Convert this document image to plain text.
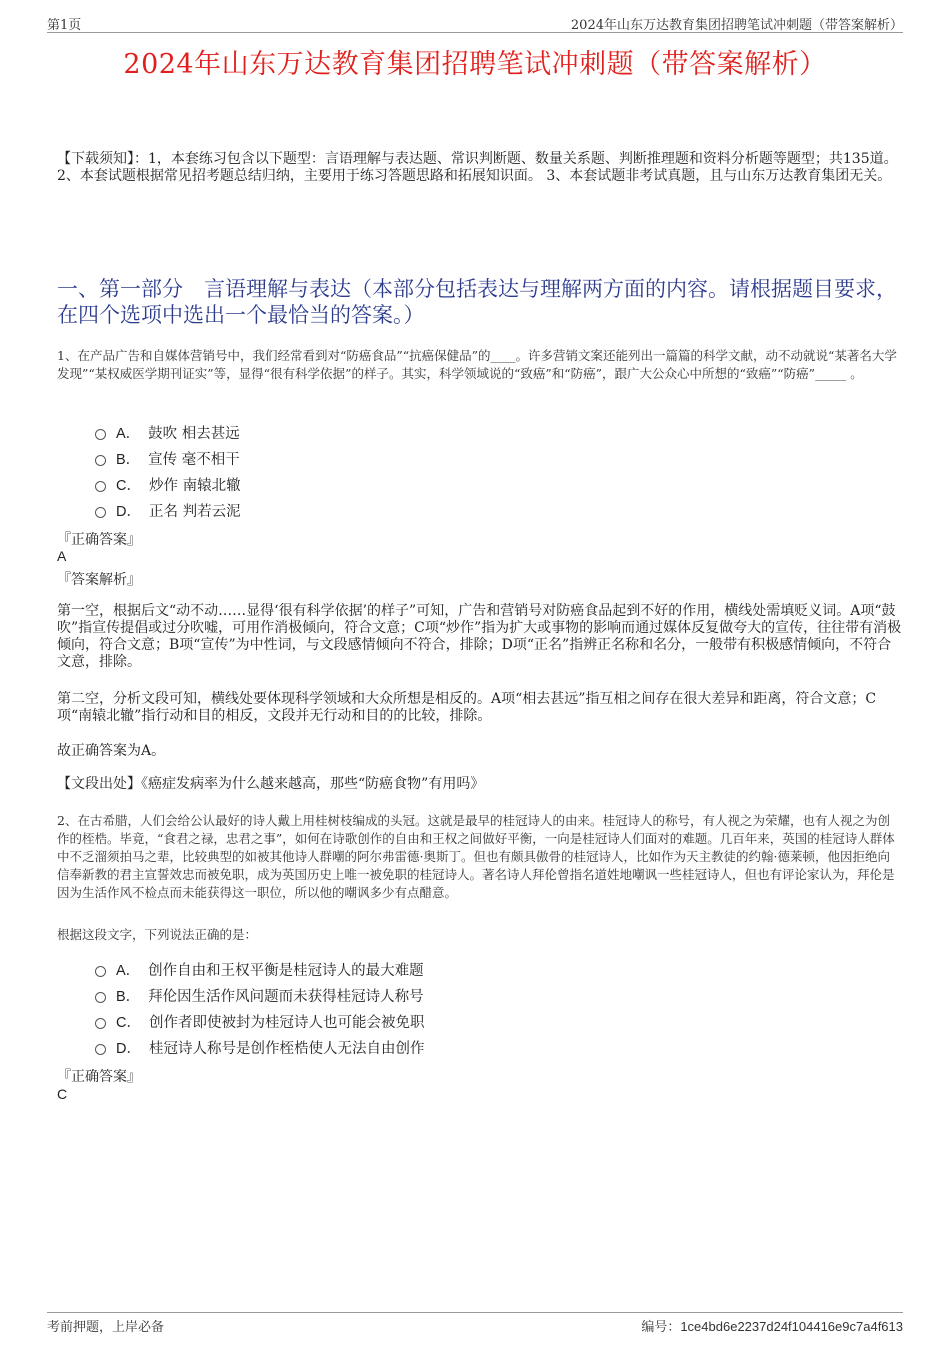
第1页	2024年山东万达教育集团招聘笔试冲刺题（带答案解析）
2024年山东万达教育集团招聘笔试冲刺题（带答案解析）
【下载须知】：1，本套练习包含以下题型：言语理解与表达题、常识判断题、数量关系题、判断推理题和资料分析题等题型；共135道。 2、本套试题根据常见招考题总结归纳，主要用于练习答题思路和拓展知识面。 3、本套试题非考试真题，且与山东万达教育集团无关。
一、第一部分　言语理解与表达（本部分包括表达与理解两方面的内容。请根据题目要求，在四个选项中选出一个最恰当的答案。）
1、在产品广告和自媒体营销号中，我们经常看到对“防癌食品”“抗癌保健品”的____。许多营销文案还能列出一篇篇的科学文献，动不动就说“某著名大学发现”“某权威医学期刊证实”等，显得“很有科学依据”的样子。其实，科学领域说的“致癌”和“防癌”，跟广大公众心中所想的“致癌”“防癌”_____ 。
A． 鼓吹 相去甚远
B． 宣传 毫不相干
C． 炒作 南辕北辙
D． 正名 判若云泥
『正确答案』
A
『答案解析』
第一空，根据后文“动不动……显得‘很有科学依据’的样子”可知，广告和营销号对防癌食品起到不好的作用，横线处需填贬义词。A项“鼓吹”指宣传提倡或过分吹嘘，可用作消极倾向，符合文意；C项“炒作”指为扩大或事物的影响而通过媒体反复做夸大的宣传，往往带有消极倾向，符合文意；B项“宣传”为中性词，与文段感情倾向不符合，排除；D项“正名”指辨正名称和名分，一般带有积极感情倾向，不符合文意，排除。
第二空，分析文段可知，横线处要体现科学领域和大众所想是相反的。A项“相去甚远”指互相之间存在很大差异和距离，符合文意；C项“南辕北辙”指行动和目的相反，文段并无行动和目的的比较，排除。
故正确答案为A。
【文段出处】《癌症发病率为什么越来越高，那些“防癌食物”有用吗》
2、在古希腊，人们会给公认最好的诗人戴上用桂树枝编成的头冠。这就是最早的桂冠诗人的由来。桂冠诗人的称号，有人视之为荣耀，也有人视之为创作的桎梏。毕竟，“食君之禄，忠君之事”，如何在诗歌创作的自由和王权之间做好平衡，一向是桂冠诗人们面对的难题。几百年来，英国的桂冠诗人群体中不乏溜须拍马之辈，比较典型的如被其他诗人群嘲的阿尔弗雷德·奥斯丁。但也有颇具傲骨的桂冠诗人，比如作为天主教徒的约翰·德莱顿，他因拒绝向信奉新教的君主宣誓效忠而被免职，成为英国历史上唯一被免职的桂冠诗人。著名诗人拜伦曾指名道姓地嘲讽一些桂冠诗人，但也有评论家认为，拜伦是因为生活作风不检点而未能获得这一职位，所以他的嘲讽多少有点醋意。
根据这段文字，下列说法正确的是：
A． 创作自由和王权平衡是桂冠诗人的最大难题
B． 拜伦因生活作风问题而未获得桂冠诗人称号
C． 创作者即使被封为桂冠诗人也可能会被免职
D． 桂冠诗人称号是创作桎梏使人无法自由创作
『正确答案』
C
考前押题，上岸必备	编号：1ce4bd6e2237d24f104416e9c7a4f613
